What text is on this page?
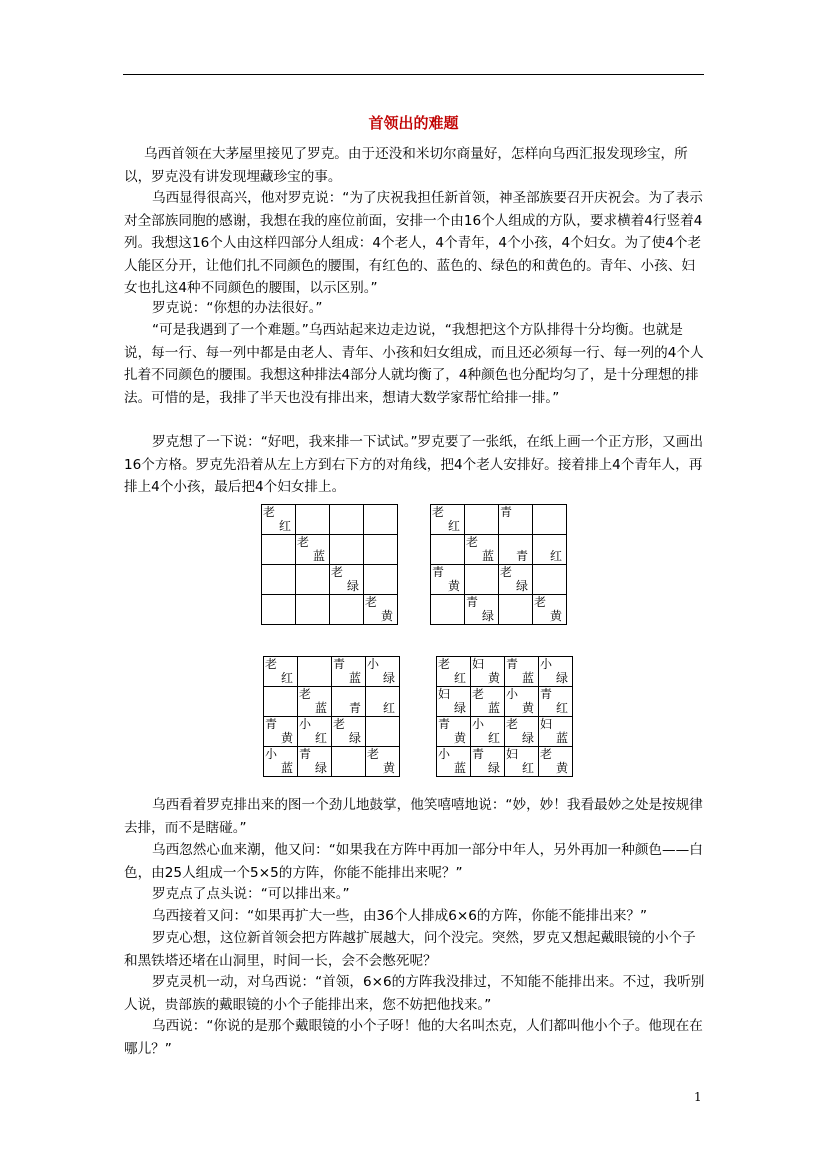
首领出的难题

乌西首领在大茅屋里接见了罗克。由于还没和米切尔商量好，怎样向乌西汇报发现珍宝，所以，罗克没有讲发现埋藏珍宝的事。

乌西显得很高兴，他对罗克说：“为了庆祝我担任新首领，神圣部族要召开庆祝会。为了表示对全部族同胞的感谢，我想在我的座位前面，安排一个由16个人组成的方队，要求横着4行竖着4列。我想这16个人由这样四部分人组成：4个老人，4个青年，4个小孩，4个妇女。为了使4个老人能区分开，让他们扎不同颜色的腰围，有红色的、蓝色的、绿色的和黄色的。青年、小孩、妇女也扎这4种不同颜色的腰围，以示区别。”

罗克说：“你想的办法很好。”

“可是我遇到了一个难题。”乌西站起来边走边说，“我想把这个方队排得十分均衡。也就是说，每一行、每一列中都是由老人、青年、小孩和妇女组成，而且还必须每一行、每一列的4个人扎着不同颜色的腰围。我想这种排法4部分人就均衡了，4种颜色也分配均匀了，是十分理想的排法。可惜的是，我排了半天也没有排出来，想请大数学家帮忙给排一排。”

罗克想了一下说：“好吧，我来排一下试试。”罗克要了一张纸，在纸上画一个正方形，又画出16个方格。罗克先沿着从左上方到右下方的对角线，把4个老人安排好。接着排上4个青年人，再排上4个小孩，最后把4个妇女排上。

老
红
老
蓝
老
绿
老
黄
老
红
青
老
蓝 青 红
青
黄
老
绿
青
绿
老
黄
老
红
青
蓝
小
绿
老
蓝 青 红
青
黄
小
红
老
绿
小
蓝
青
绿
老
黄
老
红
妇
黄
青
蓝
小
绿
妇
绿
老
蓝
小
黄
青
红
青
黄
小
红
老
绿
妇
蓝
小
蓝
青
绿
妇
红
老
黄

乌西看着罗克排出来的图一个劲儿地鼓掌，他笑嘻嘻地说：“妙，妙！我看最妙之处是按规律去排，而不是瞎碰。”

乌西忽然心血来潮，他又问：“如果我在方阵中再加一部分中年人，另外再加一种颜色——白色，由25人组成一个5×5的方阵，你能不能排出来呢？”

罗克点了点头说：“可以排出来。”

乌西接着又问：“如果再扩大一些，由36个人排成6×6的方阵，你能不能排出来？”

罗克心想，这位新首领会把方阵越扩展越大，问个没完。突然，罗克又想起戴眼镜的小个子和黑铁塔还堵在山洞里，时间一长，会不会憋死呢？

罗克灵机一动，对乌西说：“首领，6×6的方阵我没排过，不知能不能排出来。不过，我听别人说，贵部族的戴眼镜的小个子能排出来，您不妨把他找来。”

乌西说：“你说的是那个戴眼镜的小个子呀！他的大名叫杰克，人们都叫他小个子。他现在在哪儿？”

1
